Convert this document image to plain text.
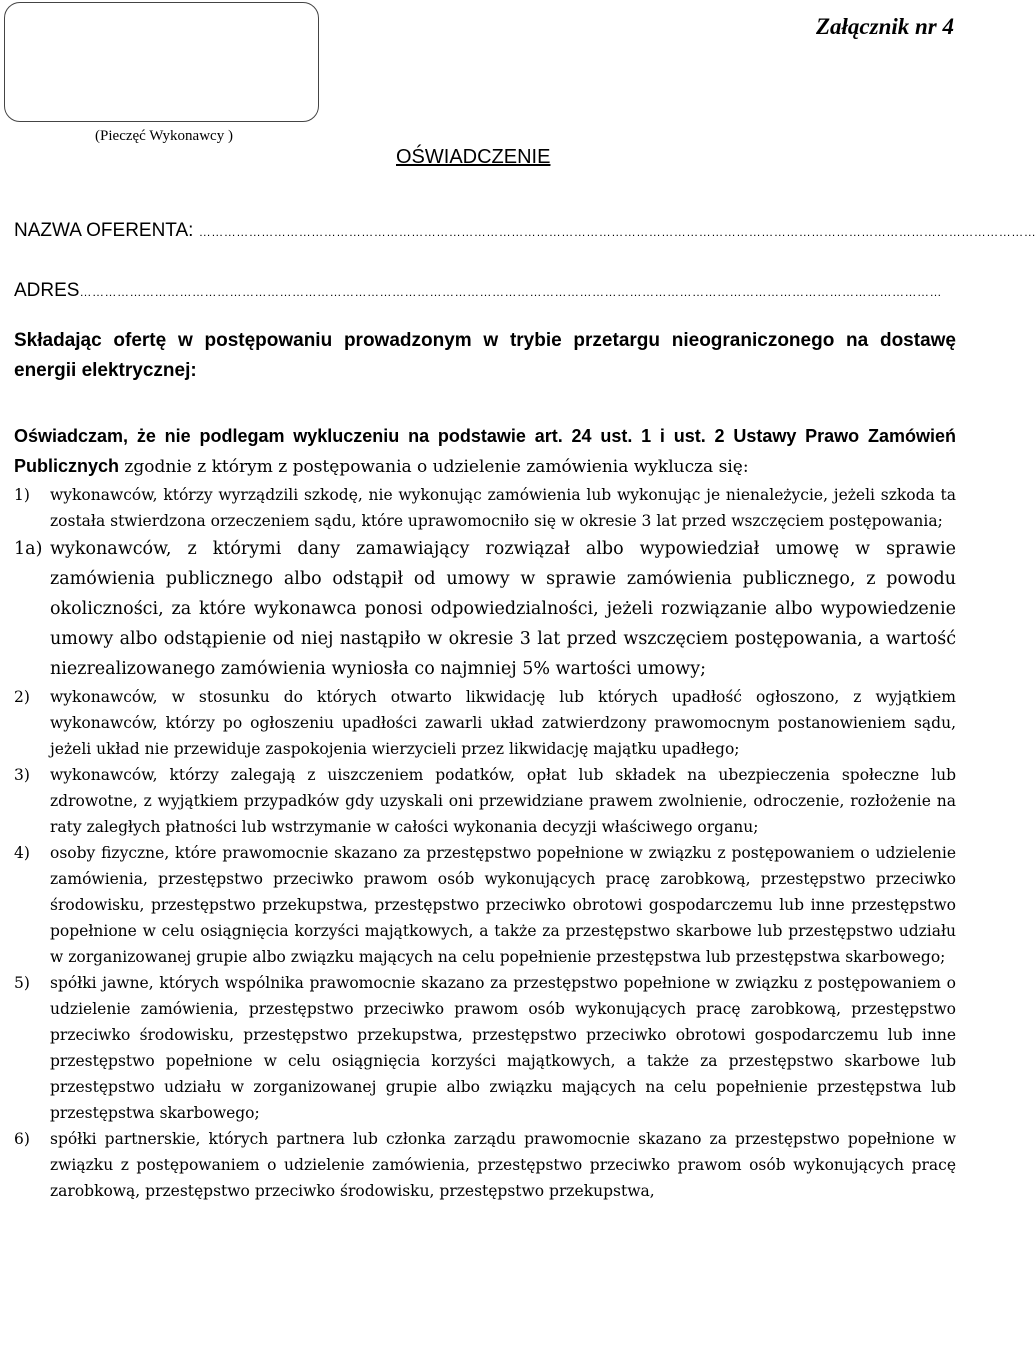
(Pieczęć Wykonawcy )
Załącznik nr 4
OŚWIADCZENIE
NAZWA OFERENTA: …………………………………………………………………………………………………………………………………………………………………………………
ADRES………………………………………………………………………………………………………………………………………………………………………………………

Składając ofertę w postępowaniu prowadzonym w trybie przetargu nieograniczonego na dostawę energii elektrycznej:

Oświadczam, że nie podlegam wykluczeniu na podstawie art. 24 ust. 1 i ust. 2 Ustawy Prawo Zamówień Publicznych zgodnie z którym z postępowania o udzielenie zamówienia wyklucza się:

1) wykonawców, którzy wyrządzili szkodę, nie wykonując zamówienia lub wykonując je nienależycie, jeżeli szkoda ta została stwierdzona orzeczeniem sądu, które uprawomocniło się w okresie 3 lat przed wszczęciem postępowania;
1a) wykonawców, z którymi dany zamawiający rozwiązał albo wypowiedział umowę w sprawie zamówienia publicznego albo odstąpił od umowy w sprawie zamówienia publicznego, z powodu okoliczności, za które wykonawca ponosi odpowiedzialności, jeżeli rozwiązanie albo wypowiedzenie umowy albo odstąpienie od niej nastąpiło w okresie 3 lat przed wszczęciem postępowania, a wartość niezrealizowanego zamówienia wyniosła co najmniej 5% wartości umowy;
2) wykonawców, w stosunku do których otwarto likwidację lub których upadłość ogłoszono, z wyjątkiem wykonawców, którzy po ogłoszeniu upadłości zawarli układ zatwierdzony prawomocnym postanowieniem sądu, jeżeli układ nie przewiduje zaspokojenia wierzycieli przez likwidację majątku upadłego;
3) wykonawców, którzy zalegają z uiszczeniem podatków, opłat lub składek na ubezpieczenia społeczne lub zdrowotne, z wyjątkiem przypadków gdy uzyskali oni przewidziane prawem zwolnienie, odroczenie, rozłożenie na raty zaległych płatności lub wstrzymanie w całości wykonania decyzji właściwego organu;
4) osoby fizyczne, które prawomocnie skazano za przestępstwo popełnione w związku z postępowaniem o udzielenie zamówienia, przestępstwo przeciwko prawom osób wykonujących pracę zarobkową, przestępstwo przeciwko środowisku, przestępstwo przekupstwa, przestępstwo przeciwko obrotowi gospodarczemu lub inne przestępstwo popełnione w celu osiągnięcia korzyści majątkowych, a także za przestępstwo skarbowe lub przestępstwo udziału w zorganizowanej grupie albo związku mających na celu popełnienie przestępstwa lub przestępstwa skarbowego;
5) spółki jawne, których wspólnika prawomocnie skazano za przestępstwo popełnione w związku z postępowaniem o udzielenie zamówienia, przestępstwo przeciwko prawom osób wykonujących pracę zarobkową, przestępstwo przeciwko środowisku, przestępstwo przekupstwa, przestępstwo przeciwko obrotowi gospodarczemu lub inne przestępstwo popełnione w celu osiągnięcia korzyści majątkowych, a także za przestępstwo skarbowe lub przestępstwo udziału w zorganizowanej grupie albo związku mających na celu popełnienie przestępstwa lub przestępstwa skarbowego;
6) spółki partnerskie, których partnera lub członka zarządu prawomocnie skazano za przestępstwo popełnione w związku z postępowaniem o udzielenie zamówienia, przestępstwo przeciwko prawom osób wykonujących pracę zarobkową, przestępstwo przeciwko środowisku, przestępstwo przekupstwa,
